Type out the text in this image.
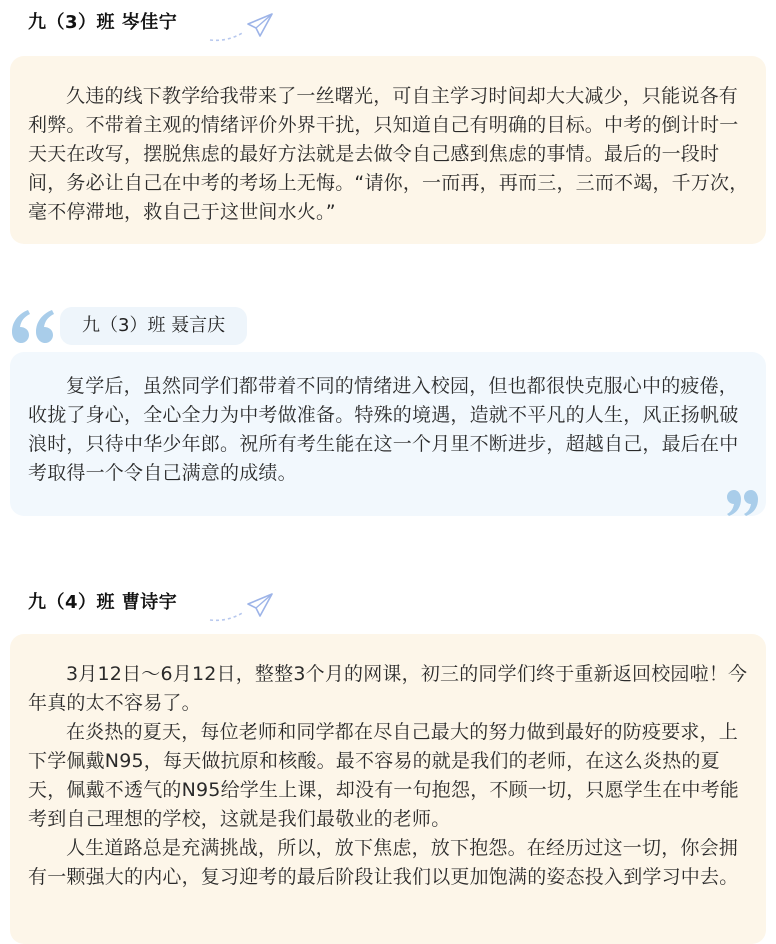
九（3）班 岑佳宁

久违的线下教学给我带来了一丝曙光，可自主学习时间却大大减少，只能说各有利弊。不带着主观的情绪评价外界干扰，只知道自己有明确的目标。中考的倒计时一天天在改写，摆脱焦虑的最好方法就是去做令自己感到焦虑的事情。最后的一段时间，务必让自己在中考的考场上无悔。“请你，一而再，再而三，三而不竭，千万次，毫不停滞地，救自己于这世间水火。”

九（3）班 聂言庆

复学后，虽然同学们都带着不同的情绪进入校园，但也都很快克服心中的疲倦，收拢了身心，全心全力为中考做准备。特殊的境遇，造就不平凡的人生，风正扬帆破浪时，只待中华少年郎。祝所有考生能在这一个月里不断进步，超越自己，最后在中考取得一个令自己满意的成绩。

九（4）班 曹诗宇

3月12日～6月12日，整整3个月的网课，初三的同学们终于重新返回校园啦！今年真的太不容易了。

在炎热的夏天，每位老师和同学都在尽自己最大的努力做到最好的防疫要求，上下学佩戴N95，每天做抗原和核酸。最不容易的就是我们的老师，在这么炎热的夏天，佩戴不透气的N95给学生上课，却没有一句抱怨，不顾一切，只愿学生在中考能考到自己理想的学校，这就是我们最敬业的老师。

人生道路总是充满挑战，所以，放下焦虑，放下抱怨。在经历过这一切，你会拥有一颗强大的内心，复习迎考的最后阶段让我们以更加饱满的姿态投入到学习中去。
